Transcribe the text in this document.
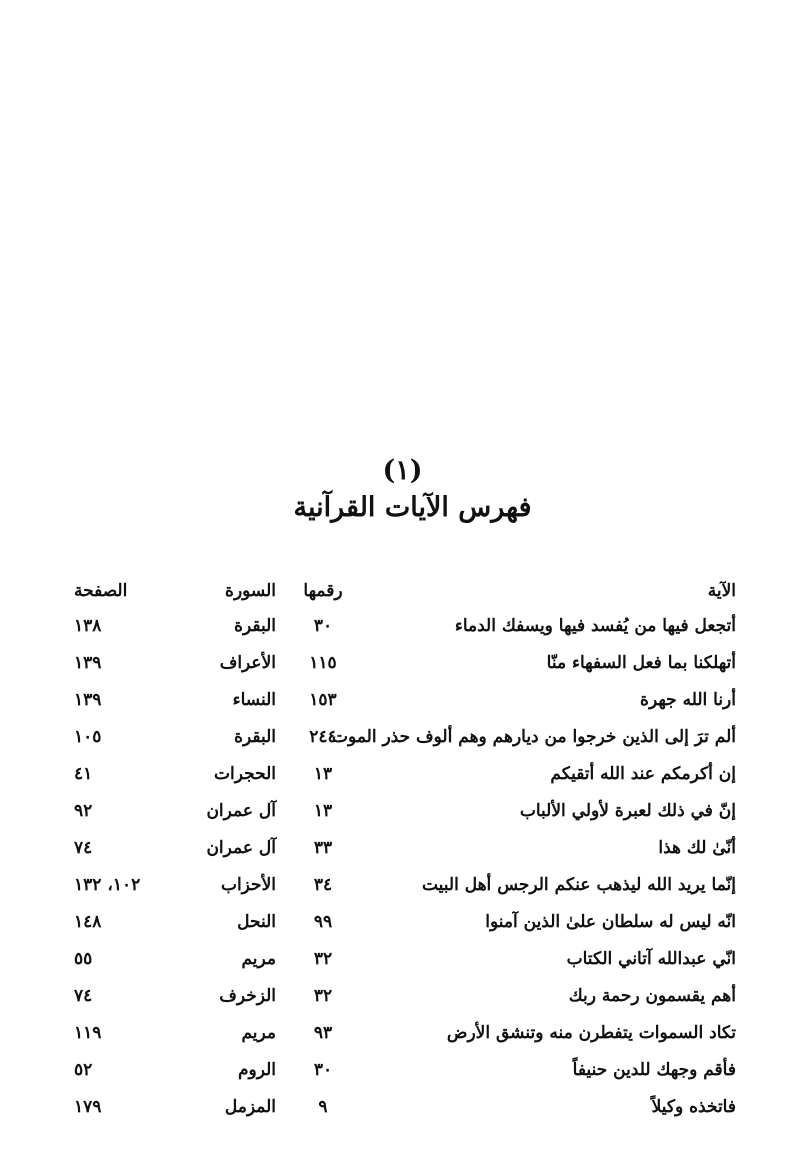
(١)
فهرس الآيات القرآنية
الآية
رقمها
السورة
الصفحة
أتجعل فيها من يُفسد فيها ويسفك الدماء
٣٠
البقرة
١٣٨
أتهلكنا بما فعل السفهاء منّا
١١٥
الأعراف
١٣٩
أرنا الله جهرة
١٥٣
النساء
١٣٩
ألم ترَ إلى الذين خرجوا من ديارهم وهم ألوف حذر الموت
٢٤٤
البقرة
١٠٥
إن أكرمكم عند الله أتقيكم
١٣
الحجرات
٤١
إنّ في ذلك لعبرة لأولي الألباب
١٣
آل عمران
٩٢
أنّىٰ لك هذا
٣٣
آل عمران
٧٤
إنّما يريد الله ليذهب عنكم الرجس أهل البيت
٣٤
الأحزاب
١٠٢، ١٣٢
انّه ليس له سلطان علىٰ الذين آمنوا
٩٩
النحل
١٤٨
انّي عبدالله آتاني الكتاب
٣٢
مريم
٥٥
أهم يقسمون رحمة ربك
٣٢
الزخرف
٧٤
تكاد السموات يتفطرن منه وتنشق الأرض
٩٣
مريم
١١٩
فأقم وجهك للدين حنيفاً
٣٠
الروم
٥٢
فاتخذه وكيلاً
٩
المزمل
١٧٩
